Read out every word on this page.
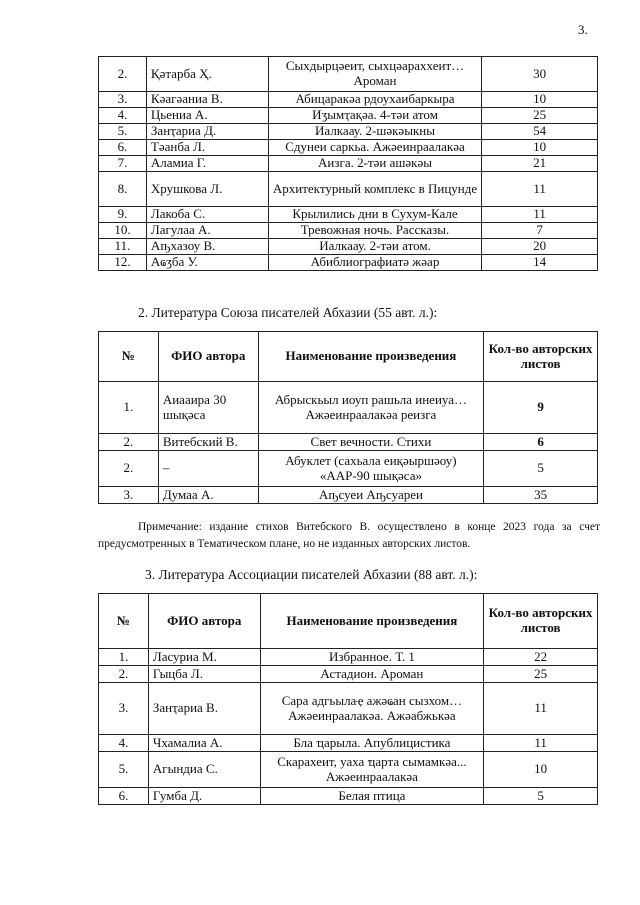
3.
2.	Қәтарба Ҳ.	Сыхдырцәеит, сыхцәараххеит… Ароман	30
3.	Кәагәаниа В.	Абицаракәа рдоухаибаркыра	10
4.	Цьениа А.	Иӡымҭақәа. 4-тәи атом	25
5.	Занҭариа Д.	Иалкаау. 2-шәкәыкны	54
6.	Тәанба Л.	Сдунеи саркьа. Ажәеинраалакәа	10
7.	Аламиа Г.	Аизга. 2-тәи ашәкәы	21
8.	Хрушкова Л.	Архитектурный комплекс в Пицунде	11
9.	Лакоба С.	Крылились дни в Сухум-Кале	11
10.	Лагулаа А.	Тревожная ночь. Рассказы.	7
11.	Аҧхазоу В.	Иалкаау. 2-тәи атом.	20
12.	Аҩӡба У.	Абиблиографиатә жәар	14
2. Литература Союза писателей Абхазии (55 авт. л.):
№	ФИО автора	Наименование произведения	Кол-во авторских листов
1.	Аиааира 30 шықәса	Абрыскьыл иоуп рашьла инеиуа… Ажәеинраалакәа реизга	9
2.	Витебский В.	Свет вечности. Стихи	6
2.	–	Абуклет (сахьала еиқәыршәоу) «ААР-90 шықәса»	5
3.	Думаа А.	Аҧсуеи Аҧсуареи	35
Примечание: издание стихов Витебского В. осуществлено в конце 2023 года за счет предусмотренных в Тематическом плане, но не изданных авторских листов.
3. Литература Ассоциации писателей Абхазии (88 авт. л.):
№	ФИО автора	Наименование произведения	Кол-во авторских листов
1.	Ласуриа М.	Избранное. Т. 1	22
2.	Гыцба Л.	Астадион. Ароман	25
3.	Занҭариа В.	Сара адгьылаҿ ажәҩан сызхом… Ажәеинраалакәа. Ажәабжькәа	11
4.	Чхамалиа А.	Бла ҵарыла. Апублицистика	11
5.	Агындиа С.	Скарахеит, уаха ҵарта сымамкәа... Ажәеинраалакәа	10
6.	Гумба Д.	Белая птица	5
